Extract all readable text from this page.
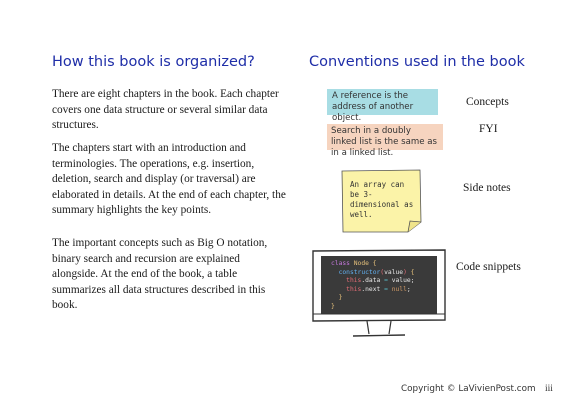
How this book is organized?

There are eight chapters in the book. Each chapter covers one data structure or several similar data structures.

The chapters start with an introduction and terminologies. The operations, e.g. insertion, deletion, search and display (or traversal) are elaborated in details. At the end of each chapter, the summary highlights the key points.

The important concepts such as Big O notation, binary search and recursion are explained alongside. At the end of the book, a table summarizes all data structures described in this book.

Conventions used in the book
A reference is the address of another object.
Concepts
Search in a doubly linked list is the same as in a linked list.
FYI
An array can be 3-dimensional as well.
Side notes
class Node {
constructor(value) {
this.data = value;
this.next = null;
}
}
Code snippets
Copyright © LaVivienPost.com iii
